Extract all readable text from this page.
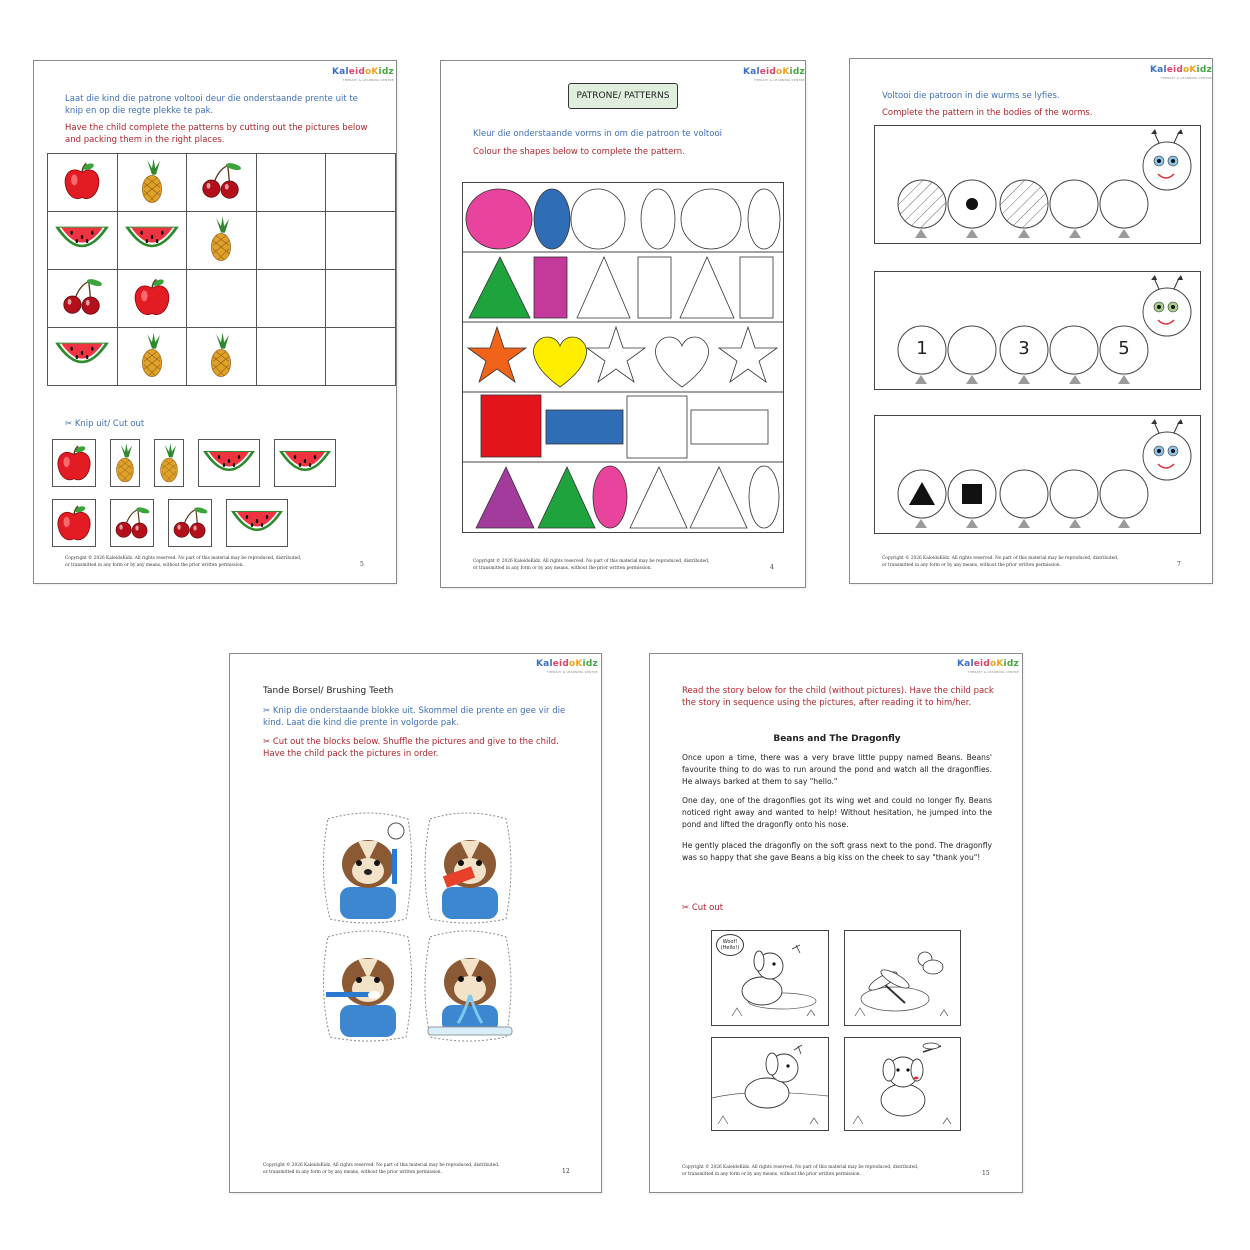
KaleidoKidz
THERAPY & LEARNING CENTRE
Laat die kind die patrone voltooi deur die onderstaande prente uit te knip en op die regte plekke te pak.
Have the child complete the patterns by cutting out the pictures below and packing them in the right places.

✂ Knip uit/ Cut out
Copyright © 2026 KaleidoKidz. All rights reserved. No part of this material may be reproduced, distributed,
or transmitted in any form or by any means, without the prior written permission.	5
KaleidoKidz
THERAPY & LEARNING CENTRE
PATRONE/ PATTERNS
Kleur die onderstaande vorms in om die patroon te voltooi
Colour the shapes below to complete the pattern.
Copyright © 2026 KaleidoKidz. All rights reserved. No part of this material may be reproduced, distributed,
or transmitted in any form or by any means, without the prior written permission.	4
KaleidoKidz
THERAPY & LEARNING CENTRE
Voltooi die patroon in die wurms se lyfies.
Complete the pattern in the bodies of the worms.
1	3	5
Copyright © 2026 KaleidoKidz. All rights reserved. No part of this material may be reproduced, distributed,
or transmitted in any form or by any means, without the prior written permission.	7
KaleidoKidz
THERAPY & LEARNING CENTRE
Tande Borsel/ Brushing Teeth
✂ Knip die onderstaande blokke uit. Skommel die prente en gee vir die kind. Laat die kind die prente in volgorde pak.
✂ Cut out the blocks below. Shuffle the pictures and give to the child. Have the child pack the pictures in order.
Copyright © 2026 KaleidoKidz. All rights reserved. No part of this material may be reproduced, distributed,
or transmitted in any form or by any means, without the prior written permission.	12
KaleidoKidz
THERAPY & LEARNING CENTRE
Read the story below for the child (without pictures). Have the child pack the story in sequence using the pictures, after reading it to him/her.
Beans and The Dragonfly
Once upon a time, there was a very brave little puppy named Beans. Beans' favourite thing to do was to run around the pond and watch all the dragonflies. He always barked at them to say "hello."
One day, one of the dragonflies got its wing wet and could no longer fly. Beans noticed right away and wanted to help! Without hesitation, he jumped into the pond and lifted the dragonfly onto his nose.
He gently placed the dragonfly on the soft grass next to the pond. The dragonfly was so happy that she gave Beans a big kiss on the cheek to say "thank you"!
✂ Cut out
Woof! (Hello!)
Copyright © 2026 KaleidoKidz. All rights reserved. No part of this material may be reproduced, distributed,
or transmitted in any form or by any means, without the prior written permission.	15
